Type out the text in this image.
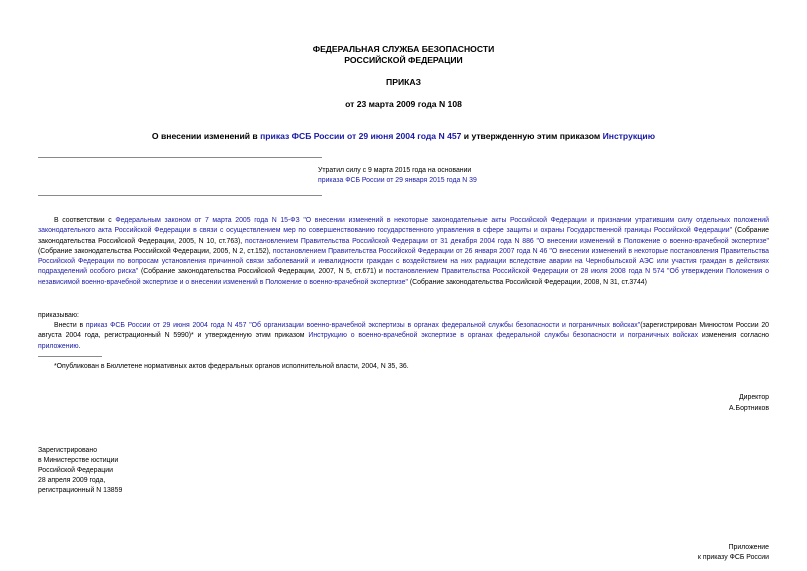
ФЕДЕРАЛЬНАЯ СЛУЖБА БЕЗОПАСНОСТИ
РОССИЙСКОЙ ФЕДЕРАЦИИ
ПРИКАЗ
от 23 марта 2009 года N 108
О внесении изменений в приказ ФСБ России от 29 июня 2004 года N 457 и утвержденную этим приказом Инструкцию
Утратил силу с 9 марта 2015 года на основании
приказа ФСБ России от 29 января 2015 года N 39
В соответствии с Федеральным законом от 7 марта 2005 года N 15-ФЗ "О внесении изменений в некоторые законодательные акты Российской Федерации и признании утратившим силу отдельных положений законодательного акта Российской Федерации в связи с осуществлением мер по совершенствованию государственного управления в сфере защиты и охраны Государственной границы Российской Федерации" (Собрание законодательства Российской Федерации, 2005, N 10, ст.763), постановлением Правительства Российской Федерации от 31 декабря 2004 года N 886 "О внесении изменений в Положение о военно-врачебной экспертизе" (Собрание законодательства Российской Федерации, 2005, N 2, ст.152), постановлением Правительства Российской Федерации от 26 января 2007 года N 46 "О внесении изменений в некоторые постановления Правительства Российской Федерации по вопросам установления причинной связи заболеваний и инвалидности граждан с воздействием на них радиации вследствие аварии на Чернобыльской АЭС или участия граждан в действиях подразделений особого риска" (Собрание законодательства Российской Федерации, 2007, N 5, ст.671) и постановлением Правительства Российской Федерации от 28 июля 2008 года N 574 "Об утверждении Положения о независимой военно-врачебной экспертизе и о внесении изменений в Положение о военно-врачебной экспертизе" (Собрание законодательства Российской Федерации, 2008, N 31, ст.3744)
приказываю:
Внести в приказ ФСБ России от 29 июня 2004 года N 457 "Об организации военно-врачебной экспертизы в органах федеральной службы безопасности и пограничных войсках"(зарегистрирован Минюстом России 20 августа 2004 года, регистрационный N 5990)* и утвержденную этим приказом Инструкцию о военно-врачебной экспертизе в органах федеральной службы безопасности и пограничных войсках изменения согласно приложению.
*Опубликован в Бюллетене нормативных актов федеральных органов исполнительной власти, 2004, N 35, 36.
Директор
А.Бортников
Зарегистрировано
в Министерстве юстиции
Российской Федерации
28 апреля 2009 года,
регистрационный N 13859
Приложение
к приказу ФСБ России
